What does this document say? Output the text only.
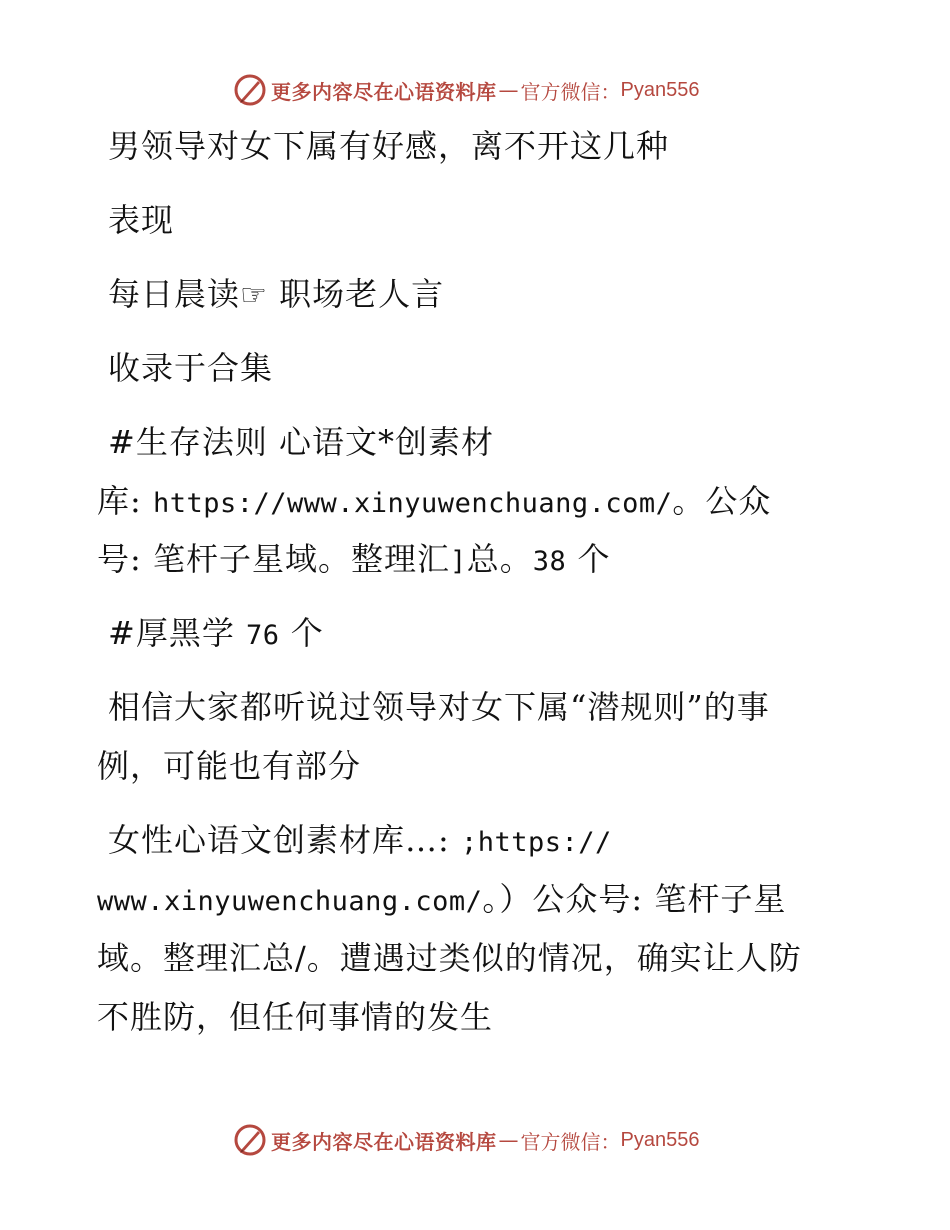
更多内容尽在心语资料库 — 官方微信： Pyan556
男领导对女下属有好感，离不开这几种
表现
每日晨读☞ 职场老人言
收录于合集
#生存法则 心语文*创素材
库: https://www.xinyuwenchuang.com/。公众
号: 笔杆子星域。整理汇]总。38 个
#厚黑学 76 个
相信大家都听说过领导对女下属“潜规则”的事
例，可能也有部分
女性心语文创素材库…: ;https://
www.xinyuwenchuang.com/。）公众号: 笔杆子星
域。整理汇总/。遭遇过类似的情况，确实让人防
不胜防，但任何事情的发生
更多内容尽在心语资料库 — 官方微信： Pyan556
